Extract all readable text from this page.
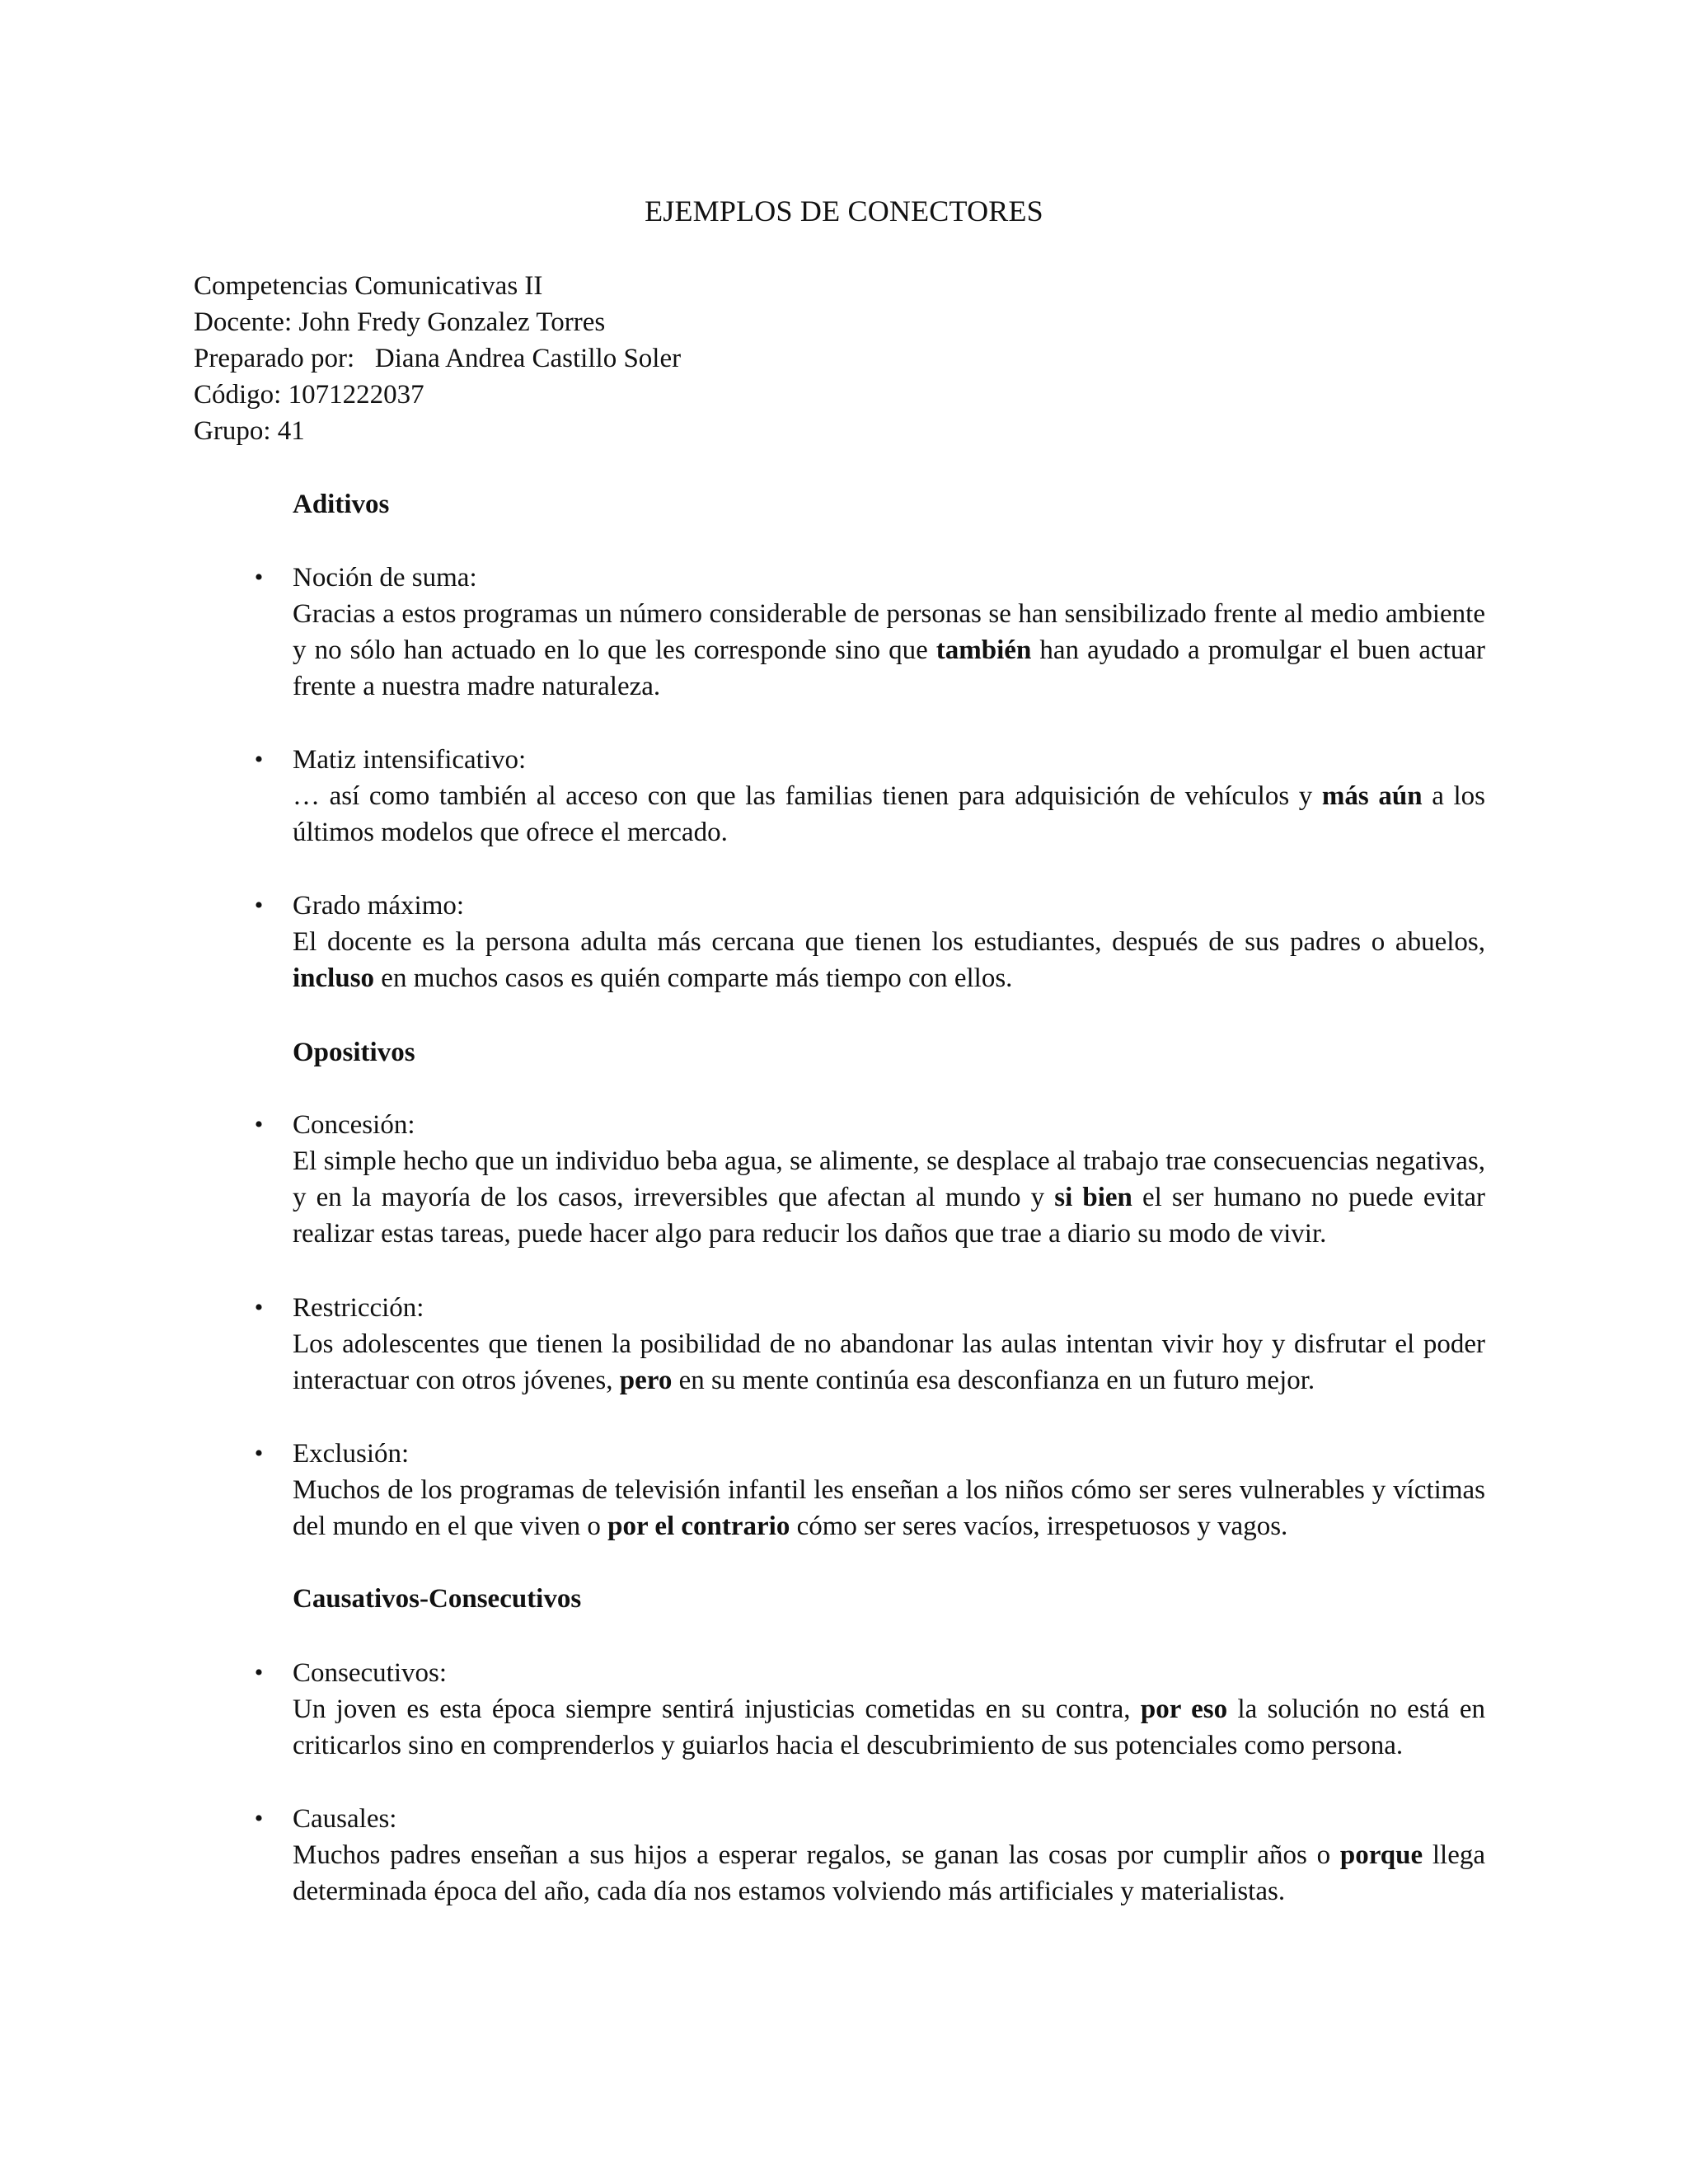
EJEMPLOS DE CONECTORES
Competencias Comunicativas II
Docente: John Fredy Gonzalez Torres
Preparado por:   Diana Andrea Castillo Soler
Código: 1071222037
Grupo: 41
Aditivos
• Noción de suma:
Gracias a estos programas un número considerable de personas se han sensibilizado frente al medio ambiente y no sólo han actuado en lo que les corresponde sino que también han ayudado a promulgar el buen actuar frente a nuestra madre naturaleza.
• Matiz intensificativo:
… así como también al acceso con que las familias tienen para adquisición de vehículos y más aún a los últimos modelos que ofrece el mercado.
• Grado máximo:
El docente es la persona adulta más cercana que tienen los estudiantes, después de sus padres o abuelos, incluso en muchos casos es quién comparte más tiempo con ellos.
Opositivos
• Concesión:
El simple hecho que un individuo beba agua, se alimente, se desplace al trabajo trae consecuencias negativas, y en la mayoría de los casos, irreversibles que afectan al mundo y si bien el ser humano no puede evitar realizar estas tareas, puede hacer algo para reducir los daños que trae a diario su modo de vivir.
• Restricción:
Los adolescentes que tienen la posibilidad de no abandonar las aulas intentan vivir hoy y disfrutar el poder interactuar con otros jóvenes, pero en su mente continúa esa desconfianza en un futuro mejor.
• Exclusión:
Muchos de los programas de televisión infantil les enseñan a los niños cómo ser seres vulnerables y víctimas del mundo en el que viven o por el contrario cómo ser seres vacíos, irrespetuosos y vagos.
Causativos-Consecutivos
• Consecutivos:
Un joven es esta época siempre sentirá injusticias cometidas en su contra, por eso la solución no está en criticarlos sino en comprenderlos y guiarlos hacia el descubrimiento de sus potenciales como persona.
• Causales:
Muchos padres enseñan a sus hijos a esperar regalos, se ganan las cosas por cumplir años o porque llega determinada época del año, cada día nos estamos volviendo más artificiales y materialistas.
